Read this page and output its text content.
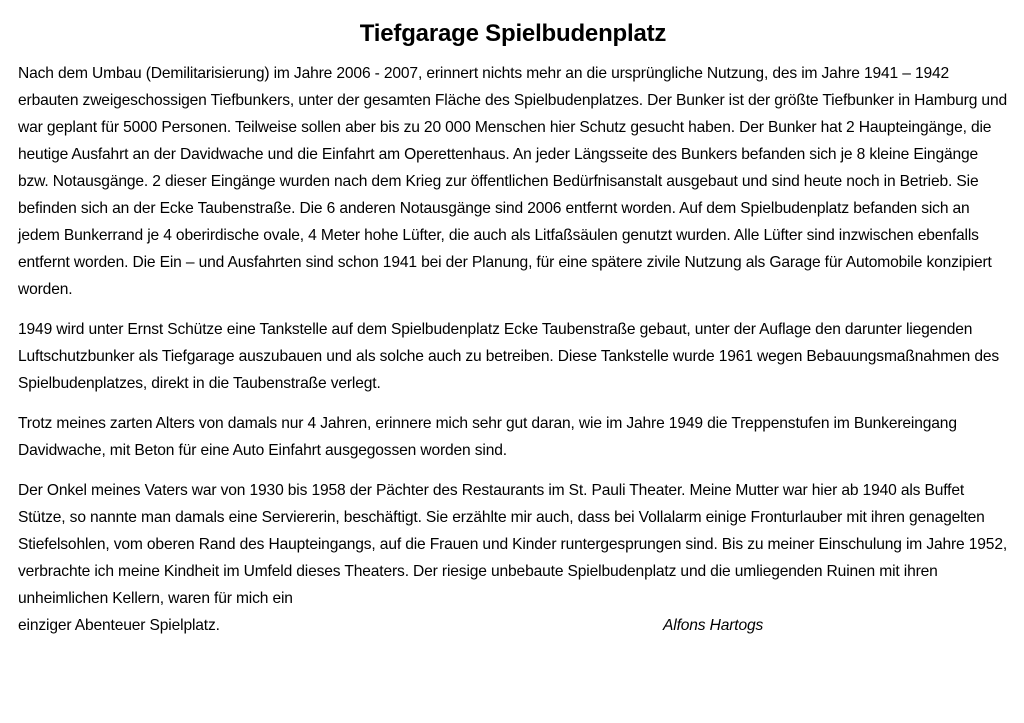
Tiefgarage Spielbudenplatz

Nach dem Umbau (Demilitarisierung) im Jahre 2006 - 2007, erinnert nichts mehr an die ursprüngliche Nutzung, des im Jahre 1941 – 1942 erbauten zweigeschossigen Tiefbunkers, unter der gesamten Fläche des Spielbudenplatzes. Der Bunker ist der größte Tiefbunker in Hamburg und war geplant für 5000 Personen. Teilweise sollen aber bis zu 20 000 Menschen hier Schutz gesucht haben. Der Bunker hat 2 Haupteingänge, die heutige Ausfahrt an der Davidwache und die Einfahrt am Operettenhaus. An jeder Längsseite des Bunkers befanden sich je 8 kleine Eingänge bzw. Notausgänge. 2 dieser Eingänge wurden nach dem Krieg zur öffentlichen Bedürfnisanstalt ausgebaut und sind heute noch in Betrieb. Sie befinden sich an der Ecke Taubenstraße. Die 6 anderen Notausgänge sind 2006 entfernt worden. Auf dem Spielbudenplatz befanden sich an jedem Bunkerrand je 4 oberirdische ovale, 4 Meter hohe Lüfter, die auch als Litfaßsäulen genutzt wurden. Alle Lüfter sind inzwischen ebenfalls entfernt worden. Die Ein – und Ausfahrten sind schon 1941 bei der Planung, für eine spätere zivile Nutzung als Garage für Automobile konzipiert worden.

1949 wird unter Ernst Schütze eine Tankstelle auf dem Spielbudenplatz Ecke Taubenstraße gebaut, unter der Auflage den darunter liegenden Luftschutzbunker als Tiefgarage auszubauen und als solche auch zu betreiben. Diese Tankstelle wurde 1961 wegen Bebauungsmaßnahmen des Spielbudenplatzes, direkt in die Taubenstraße verlegt.

Trotz meines zarten Alters von damals nur 4 Jahren, erinnere mich sehr gut daran, wie im Jahre 1949 die Treppenstufen im Bunkereingang Davidwache, mit Beton für eine Auto Einfahrt ausgegossen worden sind.

Der Onkel meines Vaters war von 1930 bis 1958 der Pächter des Restaurants im St. Pauli Theater. Meine Mutter war hier ab 1940 als Buffet Stütze, so nannte man damals eine Serviererin, beschäftigt. Sie erzählte mir auch, dass bei Vollalarm einige Fronturlauber mit ihren genagelten Stiefelsohlen, vom oberen Rand des Haupteingangs, auf die Frauen und Kinder runtergesprungen sind. Bis zu meiner Einschulung im Jahre 1952, verbrachte ich meine Kindheit im Umfeld dieses Theaters. Der riesige unbebaute Spielbudenplatz und die umliegenden Ruinen mit ihren unheimlichen Kellern, waren für mich ein
einziger Abenteuer Spielplatz.	Alfons Hartogs
